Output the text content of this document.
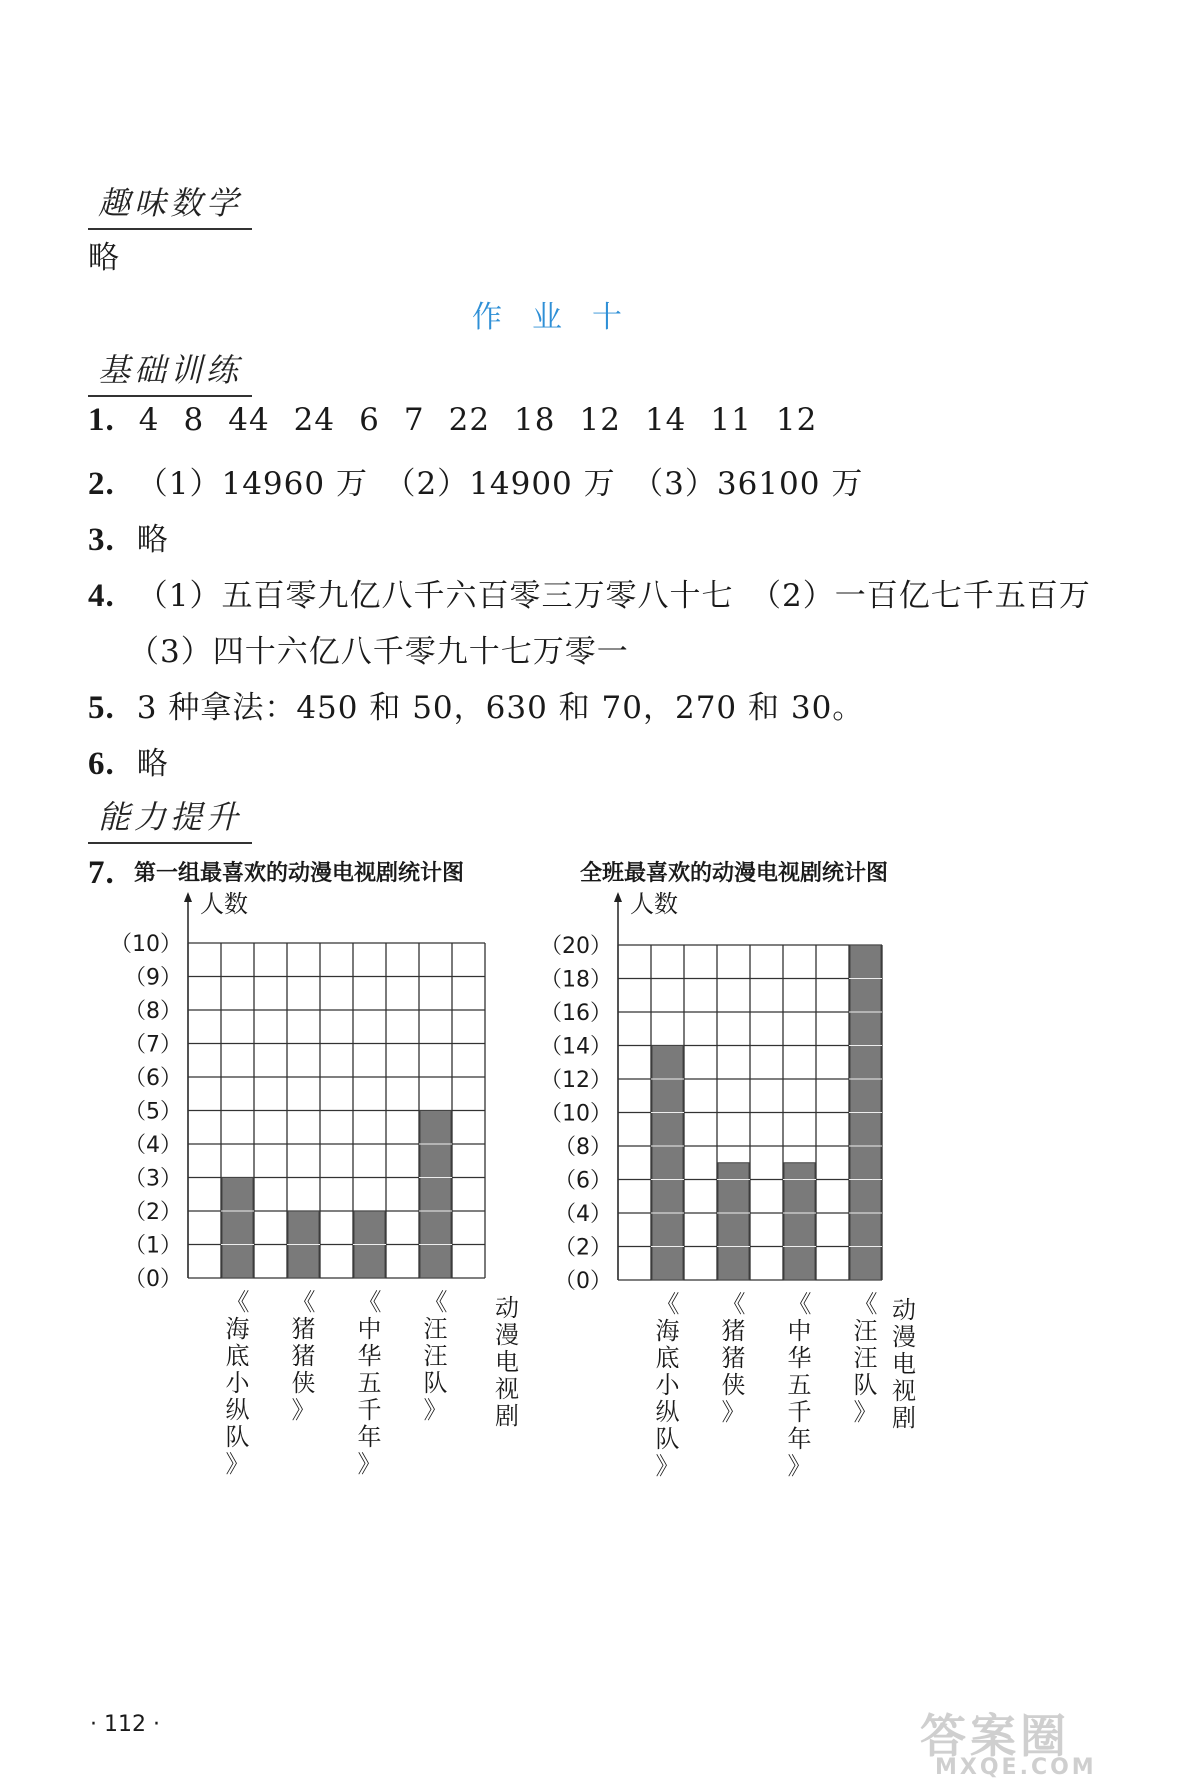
趣味数学
略
作 业 十
基础训练
1. 4 8 44 24 6 7 22 18 12 14 11 12
2. （1）14960 万　（2）14900 万　（3）36100 万
3. 略
4. （1）五百零九亿八千六百零三万零八十七　（2）一百亿七千五百万
（3）四十六亿八千零九十七万零一
5. 3 种拿法：450 和 50，630 和 70，270 和 30。
6. 略
能力提升
7. 第一组最喜欢的动漫电视剧统计图
人数
（0）
（1）
（2）
（3）
（4）
（5）
（6）
（7）
（8）
（9）
（10）
《
海
底
小
纵
队
》
《
猪
猪
侠
》
《
中
华
五
千
年
》
《
汪
汪
队
》
动
漫
电
视
剧
全班最喜欢的动漫电视剧统计图
人数
（0）
（2）
（4）
（6）
（8）
（10）
（12）
（14）
（16）
（18）
（20）
《
海
底
小
纵
队
》
《
猪
猪
侠
》
《
中
华
五
千
年
》
《
汪
汪
队
》
动
漫
电
视
剧
· 112 ·	答案圈
MXQE.COM
